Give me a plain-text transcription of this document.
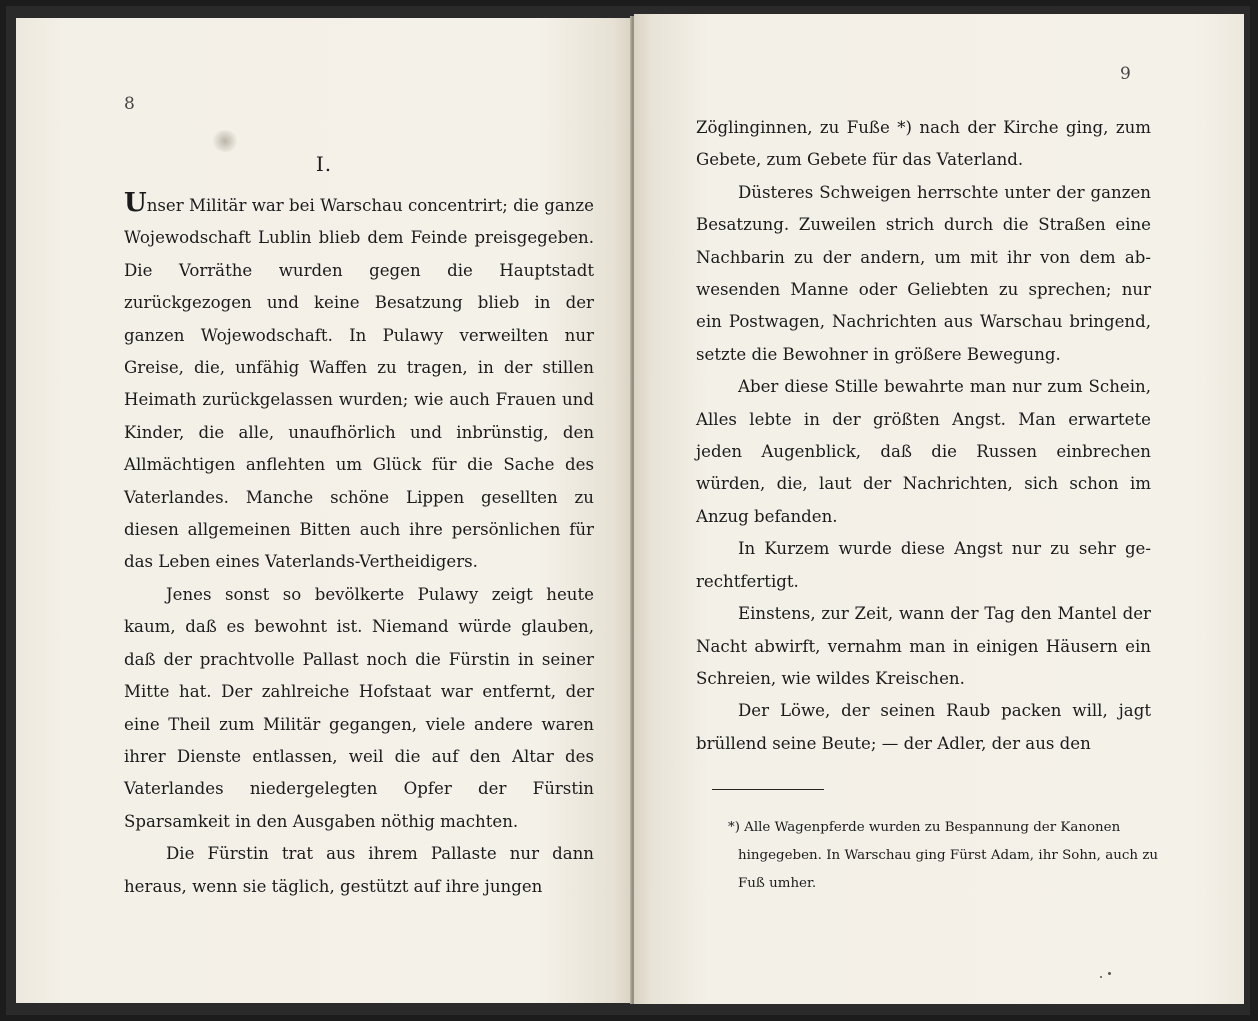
8
I.

Unser Militär war bei Warschau concentrirt; die ganze Wojewodschaft Lublin blieb dem Feinde preisgegeben. Die Vorräthe wurden gegen die Hauptstadt zurückgezogen und keine Besatzung blieb in der ganzen Wojewodschaft. In Pulawy verweilten nur Greise, die, unfähig Waffen zu tragen, in der stillen Heimath zurückgelassen wurden; wie auch Frauen und Kinder, die alle, unaufhörlich und inbrünstig, den Allmächtigen anflehten um Glück für die Sache des Vaterlandes. Manche schöne Lippen gesellten zu diesen allgemeinen Bitten auch ihre persönlichen für das Leben eines Vaterlands-Vertheidigers.

Jenes sonst so bevölkerte Pulawy zeigt heute kaum, daß es bewohnt ist. Niemand würde glauben, daß der prachtvolle Pallast noch die Fürstin in seiner Mitte hat. Der zahlreiche Hofstaat war entfernt, der eine Theil zum Militär gegangen, viele andere waren ihrer Dienste entlassen, weil die auf den Altar des Vaterlandes niedergelegten Opfer der Fürstin Sparsamkeit in den Ausgaben nöthig machten.

Die Fürstin trat aus ihrem Pallaste nur dann heraus, wenn sie täglich, gestützt auf ihre jungen

9

Zöglinginnen, zu Fuße *) nach der Kirche ging, zum Gebete, zum Gebete für das Vaterland.

Düsteres Schweigen herrschte unter der ganzen Besatzung. Zuweilen strich durch die Straßen eine Nachbarin zu der andern, um mit ihr von dem abwesenden Manne oder Geliebten zu sprechen; nur ein Postwagen, Nachrichten aus Warschau bringend, setzte die Bewohner in größere Bewegung.

Aber diese Stille bewahrte man nur zum Schein, Alles lebte in der größten Angst. Man erwartete jeden Augenblick, daß die Russen einbrechen würden, die, laut der Nachrichten, sich schon im Anzug befanden.

In Kurzem wurde diese Angst nur zu sehr gerechtfertigt.

Einstens, zur Zeit, wann der Tag den Mantel der Nacht abwirft, vernahm man in einigen Häusern ein Schreien, wie wildes Kreischen.

Der Löwe, der seinen Raub packen will, jagt brüllend seine Beute; — der Adler, der aus den

*) Alle Wagenpferde wurden zu Bespannung der Kanonen
hingegeben. In Warschau ging Fürst Adam, ihr Sohn, auch zu Fuß umher.
